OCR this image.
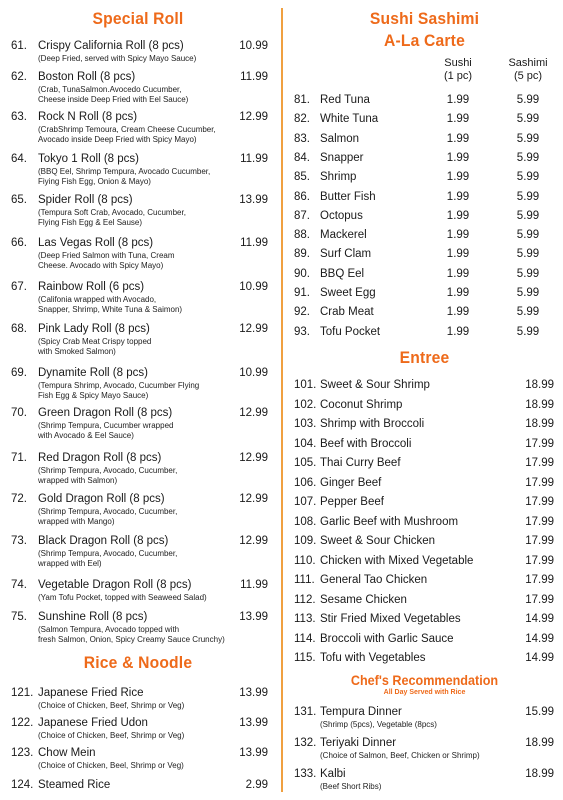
Special Roll
61. Crispy California Roll (8 pcs)	10.99
(Deep Fried, served with Spicy Mayo Sauce)
62. Boston Roll (8 pcs)	11.99
(Crab, TunaSalmon.Avocedo Cucumber,
Cheese inside Deep Fried with Eel Sauce)
63. Rock N Roll (8 pcs)	12.99
(CrabShrimp Temoura, Cream Cheese Cucumber,
Avocado inside Deep Fried with Spicy Mayo)
64. Tokyo 1 Roll (8 pcs)	11.99
(BBQ Eel, Shrimp Tempura, Avocado Cucumber,
Fiying Fish Egg, Onion & Mayo)
65. Spider Roll (8 pcs)	13.99
(Tempura Soft Crab, Avocado, Cucumber,
Flying Fish Egg & Eel Sause)
66. Las Vegas Roll (8 pcs)	11.99
(Deep Fried Salmon with Tuna, Cream
Cheese. Avocado with Spicy Mayo)
67. Rainbow Roll (6 pcs)	10.99
(Califonia wrapped with Avocado,
Snapper, Shrimp, White Tuna & Saimon)
68. Pink Lady Roll (8 pcs)	12.99
(Spicy Crab Meat Crispy topped
with Smoked Salmon)
69. Dynamite Roll (8 pcs)	10.99
(Tempura Shrimp, Avocado, Cucumber Flying
Fish Egg & Spicy Mayo Sauce)
70. Green Dragon Roll (8 pcs)	12.99
(Shrimp Tempura, Cucumber wrapped
with Avocado & Eel Sauce)
71. Red Dragon Roll (8 pcs)	12.99
(Shrimp Tempura, Avocado, Cucumber,
wrapped with Salmon)
72. Gold Dragon Roll (8 pcs)	12.99
(Shrimp Tempura, Avocado, Cucumber,
wrapped with Mango)
73. Black Dragon Roll (8 pcs)	12.99
(Shrimp Tempura, Avocado, Cucumber,
wrapped with Eel)
74. Vegetable Dragon Roll (8 pcs)	11.99
(Yam Tofu Pocket, topped with Seaweed Salad)
75. Sunshine Roll (8 pcs)	13.99
(Salmon Tempura, Avocado topped with
fresh Salmon, Onion, Spicy Creamy Sauce Crunchy)
Rice & Noodle
121. Japanese Fried Rice	13.99
(Choice of Chicken, Beef, Shrimp or Veg)
122. Japanese Fried Udon	13.99
(Choice of Chicken, Beef, Shrimp or Veg)
123. Chow Mein	13.99
(Choice of Chicken, Beel, Shrimp or Veg)
124. Steamed Rice	2.99
Sushi Sashimi
A-La Carte
Sushi
(1 pc)
Sashimi
(5 pc)
81. Red Tuna	1.99	5.99
82. White Tuna	1.99	5.99
83. Salmon	1.99	5.99
84. Snapper	1.99	5.99
85. Shrimp	1.99	5.99
86. Butter Fish	1.99	5.99
87. Octopus	1.99	5.99
88. Mackerel	1.99	5.99
89. Surf Clam	1.99	5.99
90. BBQ Eel	1.99	5.99
91. Sweet Egg	1.99	5.99
92. Crab Meat	1.99	5.99
93. Tofu Pocket	1.99	5.99
Entree
101. Sweet & Sour Shrimp	18.99
102. Coconut Shrimp	18.99
103. Shrimp with Broccoli	18.99
104. Beef with Broccoli	17.99
105. Thai Curry Beef	17.99
106. Ginger Beef	17.99
107. Pepper Beef	17.99
108. Garlic Beef with Mushroom	17.99
109. Sweet & Sour Chicken	17.99
110. Chicken with Mixed Vegetable	17.99
111. General Tao Chicken	17.99
112. Sesame Chicken	17.99
113. Stir Fried Mixed Vegetables	14.99
114. Broccoli with Garlic Sauce	14.99
115. Tofu with Vegetables	14.99
Chef's Recommendation
All Day Served with Rice
131. Tempura Dinner	15.99
(Shrimp (5pcs), Vegetable (8pcs)
132. Teriyaki Dinner	18.99
(Choice of Salmon, Beef, Chicken or Shrimp)
133. Kalbi	18.99
(Beef Short Ribs)
